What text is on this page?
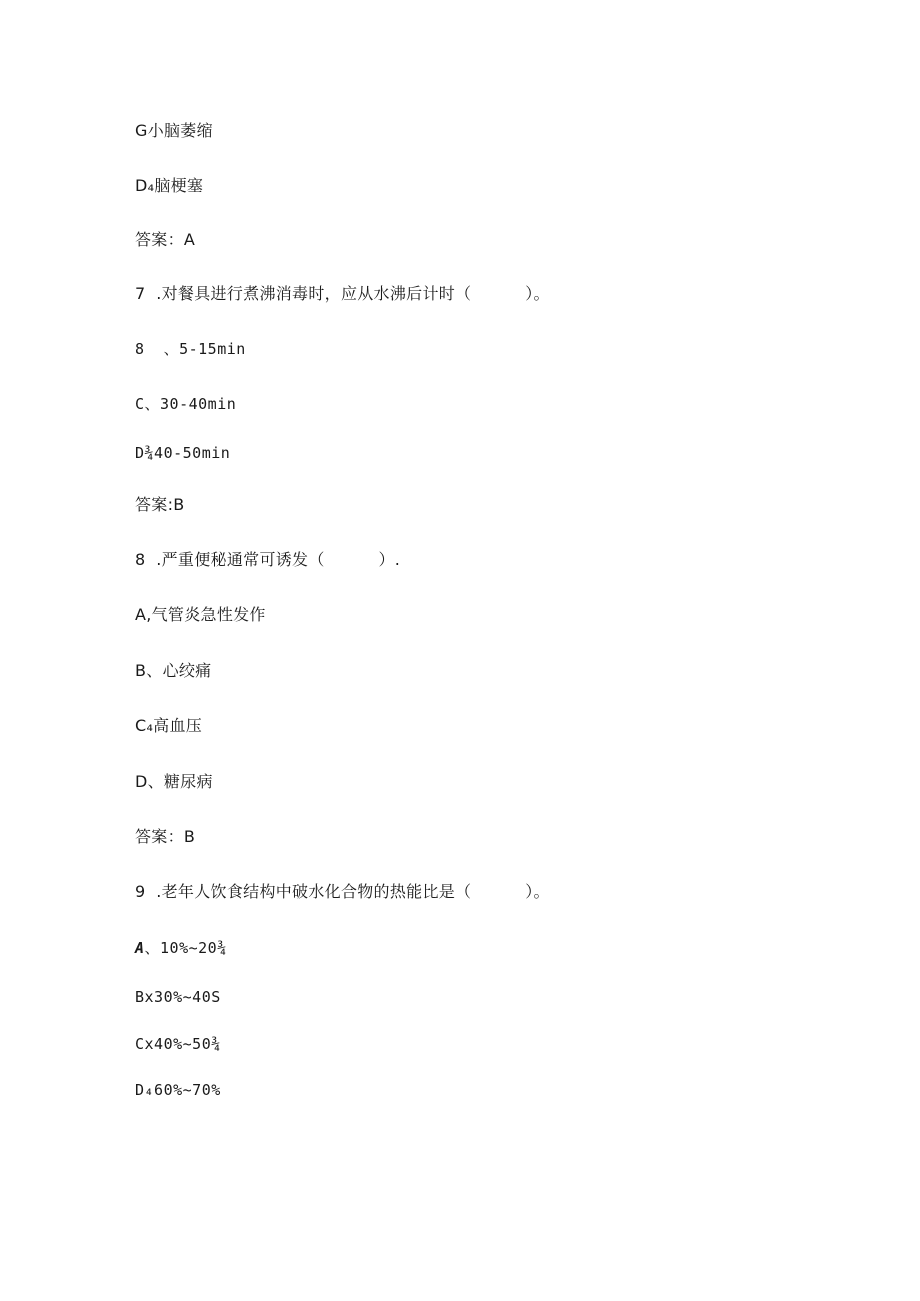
G小脑萎缩
D₄脑梗塞
答案：A
7  .对餐具进行煮沸消毒时，应从水沸后计时（          ）。
8  、5-15min
C、30-40min
D¾40-50min
答案:B
8  .严重便秘通常可诱发（          ）.
A,气管炎急性发作
B、心绞痛
C₄高血压
D、糖尿病
答案：B
9  .老年人饮食结构中破水化合物的热能比是（          ）。
A、10%~20¾
Bx30%~40S
Cx40%~50¾
D₄60%~70%
